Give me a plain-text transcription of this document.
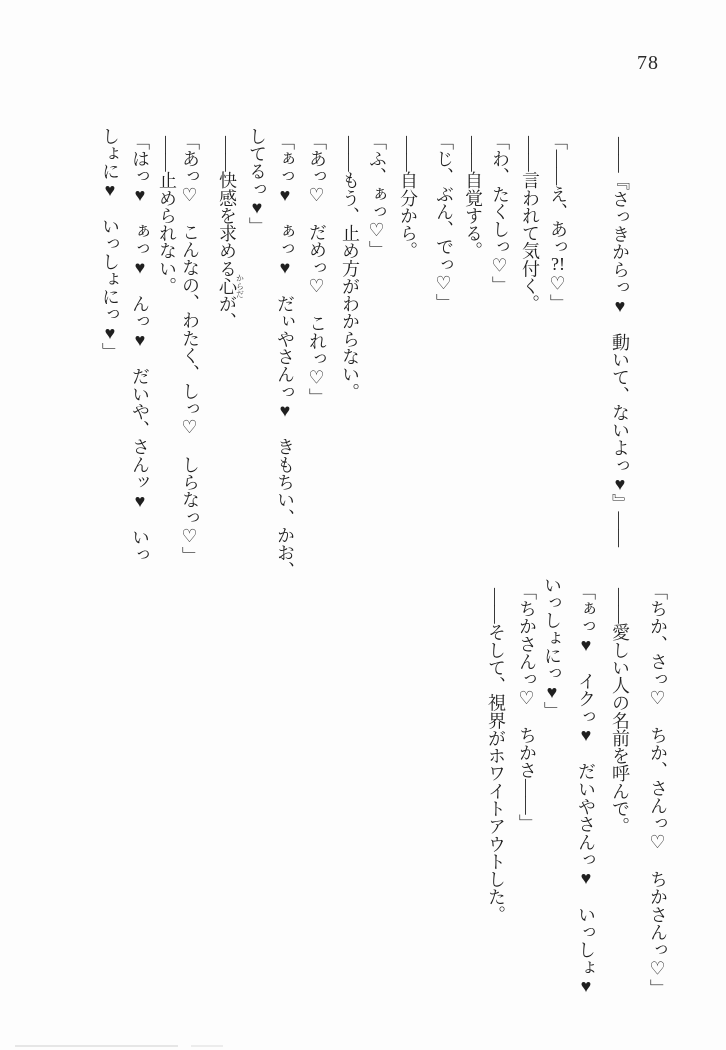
78
――『さっきからっ♥　動いて、ないよっ♥』――
「――え、あっ?!♡」
――言われて気付く。
「わ、たくしっ♡」
――自覚する。
「じ、ぶん、でっ♡」
――自分から。
「ふ、ぁっ♡」
――もう、止め方がわからない。
「あっ♡　だめっ♡　これっ♡」
「ぁっ♥　ぁっ♥　だぃやさんっ♥　きもちい、かお、
してるっ♥」
――快感を求める心からだが、
「あっ♡　こんなの、わたく、しっ♡　しらなっ♡」
――止められない。
「はっ♥　ぁっ♥　んっ♥　だいや、さんッ♥　いっ
しょに♥　いっしょにっ♥」
「ちか、さっ♡　ちか、さんっ♡　ちかさんっ♡」
――愛しい人の名前を呼んで。
「ぁっ♥　イクっ♥　だいやさんっ♥　いっしょ♥
いっしょにっ♥」
「ちかさんっ♡　ちかさ――」
――そして、視界がホワイトアウトした。
